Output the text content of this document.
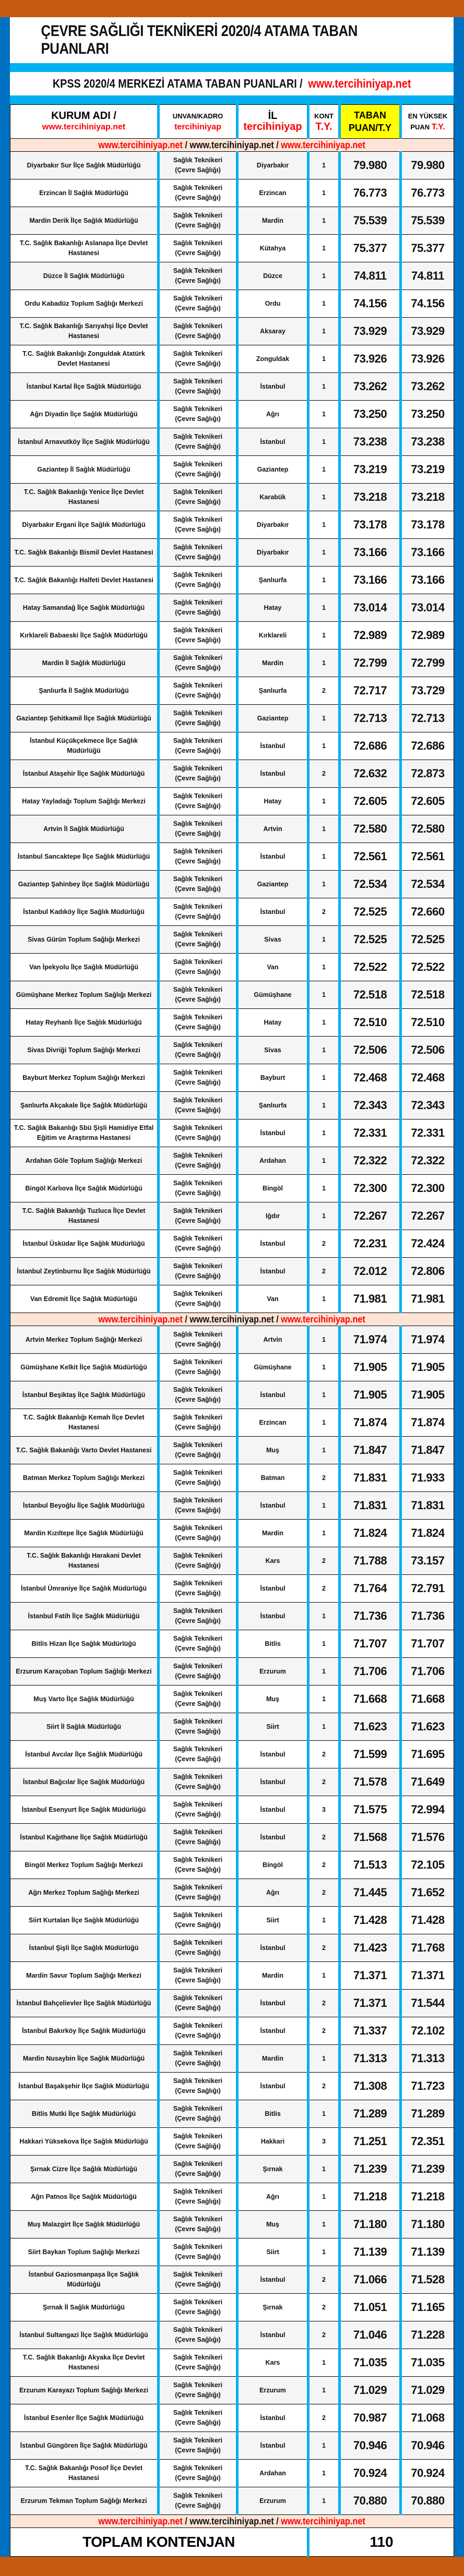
ÇEVRE SAĞLIĞI TEKNİKERİ 2020/4 ATAMA TABAN PUANLARI
KPSS 2020/4 MERKEZİ ATAMA TABAN PUANLARI / www.tercihiniyap.net
KURUM ADI /
www.tercihiniyap.net

UNVAN/KADRO
tercihiniyap

İL
tercihiniyap

KONT
T.Y.

TABAN
PUAN/T.Y

EN YÜKSEK
PUAN T.Y.

www.tercihiniyap.net / www.tercihiniyap.net / www.tercihiniyap.net					
Diyarbakır Sur İlçe Sağlık Müdürlüğü	Sağlık Teknikeri
(Çevre Sağlığı)	Diyarbakır	1	79.980	79.980
Erzincan İl Sağlık Müdürlüğü	Sağlık Teknikeri
(Çevre Sağlığı)	Erzincan	1	76.773	76.773
Mardin Derik İlçe Sağlık Müdürlüğü	Sağlık Teknikeri
(Çevre Sağlığı)	Mardin	1	75.539	75.539
T.C. Sağlık Bakanlığı Aslanapa İlçe Devlet Hastanesi	Sağlık Teknikeri
(Çevre Sağlığı)	Kütahya	1	75.377	75.377
Düzce İl Sağlık Müdürlüğü	Sağlık Teknikeri
(Çevre Sağlığı)	Düzce	1	74.811	74.811
Ordu Kabadüz Toplum Sağlığı Merkezi	Sağlık Teknikeri
(Çevre Sağlığı)	Ordu	1	74.156	74.156
T.C. Sağlık Bakanlığı Sarıyahşi İlçe Devlet Hastanesi	Sağlık Teknikeri
(Çevre Sağlığı)	Aksaray	1	73.929	73.929
T.C. Sağlık Bakanlığı Zonguldak Atatürk Devlet Hastanesi	Sağlık Teknikeri
(Çevre Sağlığı)	Zonguldak	1	73.926	73.926
İstanbul Kartal İlçe Sağlık Müdürlüğü	Sağlık Teknikeri
(Çevre Sağlığı)	İstanbul	1	73.262	73.262
Ağrı Diyadin İlçe Sağlık Müdürlüğü	Sağlık Teknikeri
(Çevre Sağlığı)	Ağrı	1	73.250	73.250
İstanbul Arnavutköy İlçe Sağlık Müdürlüğü	Sağlık Teknikeri
(Çevre Sağlığı)	İstanbul	1	73.238	73.238
Gaziantep İl Sağlık Müdürlüğü	Sağlık Teknikeri
(Çevre Sağlığı)	Gaziantep	1	73.219	73.219
T.C. Sağlık Bakanlığı Yenice İlçe Devlet Hastanesi	Sağlık Teknikeri
(Çevre Sağlığı)	Karabük	1	73.218	73.218
Diyarbakır Ergani İlçe Sağlık Müdürlüğü	Sağlık Teknikeri
(Çevre Sağlığı)	Diyarbakır	1	73.178	73.178
T.C. Sağlık Bakanlığı Bismil Devlet Hastanesi	Sağlık Teknikeri
(Çevre Sağlığı)	Diyarbakır	1	73.166	73.166
T.C. Sağlık Bakanlığı Halfeti Devlet Hastanesi	Sağlık Teknikeri
(Çevre Sağlığı)	Şanlıurfa	1	73.166	73.166
Hatay Samandağ İlçe Sağlık Müdürlüğü	Sağlık Teknikeri
(Çevre Sağlığı)	Hatay	1	73.014	73.014
Kırklareli Babaeski İlçe Sağlık Müdürlüğü	Sağlık Teknikeri
(Çevre Sağlığı)	Kırklareli	1	72.989	72.989
Mardin İl Sağlık Müdürlüğü	Sağlık Teknikeri
(Çevre Sağlığı)	Mardin	1	72.799	72.799
Şanlıurfa İl Sağlık Müdürlüğü	Sağlık Teknikeri
(Çevre Sağlığı)	Şanlıurfa	2	72.717	73.729
Gaziantep Şehitkamil İlçe Sağlık Müdürlüğü	Sağlık Teknikeri
(Çevre Sağlığı)	Gaziantep	1	72.713	72.713
İstanbul Küçükçekmece İlçe Sağlık Müdürlüğü	Sağlık Teknikeri
(Çevre Sağlığı)	İstanbul	1	72.686	72.686
İstanbul Ataşehir İlçe Sağlık Müdürlüğü	Sağlık Teknikeri
(Çevre Sağlığı)	İstanbul	2	72.632	72.873
Hatay Yayladağı Toplum Sağlığı Merkezi	Sağlık Teknikeri
(Çevre Sağlığı)	Hatay	1	72.605	72.605
Artvin İl Sağlık Müdürlüğü	Sağlık Teknikeri
(Çevre Sağlığı)	Artvin	1	72.580	72.580
İstanbul Sancaktepe İlçe Sağlık Müdürlüğü	Sağlık Teknikeri
(Çevre Sağlığı)	İstanbul	1	72.561	72.561
Gaziantep Şahinbey İlçe Sağlık Müdürlüğü	Sağlık Teknikeri
(Çevre Sağlığı)	Gaziantep	1	72.534	72.534
İstanbul Kadıköy İlçe Sağlık Müdürlüğü	Sağlık Teknikeri
(Çevre Sağlığı)	İstanbul	2	72.525	72.660
Sivas Gürün Toplum Sağlığı Merkezi	Sağlık Teknikeri
(Çevre Sağlığı)	Sivas	1	72.525	72.525
Van İpekyolu İlçe Sağlık Müdürlüğü	Sağlık Teknikeri
(Çevre Sağlığı)	Van	1	72.522	72.522
Gümüşhane Merkez Toplum Sağlığı Merkezi	Sağlık Teknikeri
(Çevre Sağlığı)	Gümüşhane	1	72.518	72.518
Hatay Reyhanlı İlçe Sağlık Müdürlüğü	Sağlık Teknikeri
(Çevre Sağlığı)	Hatay	1	72.510	72.510
Sivas Divriği Toplum Sağlığı Merkezi	Sağlık Teknikeri
(Çevre Sağlığı)	Sivas	1	72.506	72.506
Bayburt Merkez Toplum Sağlığı Merkezi	Sağlık Teknikeri
(Çevre Sağlığı)	Bayburt	1	72.468	72.468
Şanlıurfa Akçakale İlçe Sağlık Müdürlüğü	Sağlık Teknikeri
(Çevre Sağlığı)	Şanlıurfa	1	72.343	72.343
T.C. Sağlık Bakanlığı Sbü Şişli Hamidiye Etfal Eğitim ve Araştırma Hastanesi	Sağlık Teknikeri
(Çevre Sağlığı)	İstanbul	1	72.331	72.331
Ardahan Göle Toplum Sağlığı Merkezi	Sağlık Teknikeri
(Çevre Sağlığı)	Ardahan	1	72.322	72.322
Bingöl Karlıova İlçe Sağlık Müdürlüğü	Sağlık Teknikeri
(Çevre Sağlığı)	Bingöl	1	72.300	72.300
T.C. Sağlık Bakanlığı Tuzluca İlçe Devlet Hastanesi	Sağlık Teknikeri
(Çevre Sağlığı)	Iğdır	1	72.267	72.267
İstanbul Üsküdar İlçe Sağlık Müdürlüğü	Sağlık Teknikeri
(Çevre Sağlığı)	İstanbul	2	72.231	72.424
İstanbul Zeytinburnu İlçe Sağlık Müdürlüğü	Sağlık Teknikeri
(Çevre Sağlığı)	İstanbul	2	72.012	72.806
Van Edremit İlçe Sağlık Müdürlüğü	Sağlık Teknikeri
(Çevre Sağlığı)	Van	1	71.981	71.981
www.tercihiniyap.net / www.tercihiniyap.net / www.tercihiniyap.net					
Artvin Merkez Toplum Sağlığı Merkezi	Sağlık Teknikeri
(Çevre Sağlığı)	Artvin	1	71.974	71.974
Gümüşhane Kelkit İlçe Sağlık Müdürlüğü	Sağlık Teknikeri
(Çevre Sağlığı)	Gümüşhane	1	71.905	71.905
İstanbul Beşiktaş İlçe Sağlık Müdürlüğü	Sağlık Teknikeri
(Çevre Sağlığı)	İstanbul	1	71.905	71.905
T.C. Sağlık Bakanlığı Kemah İlçe Devlet Hastanesi	Sağlık Teknikeri
(Çevre Sağlığı)	Erzincan	1	71.874	71.874
T.C. Sağlık Bakanlığı Varto Devlet Hastanesi	Sağlık Teknikeri
(Çevre Sağlığı)	Muş	1	71.847	71.847
Batman Merkez Toplum Sağlığı Merkezi	Sağlık Teknikeri
(Çevre Sağlığı)	Batman	2	71.831	71.933
İstanbul Beyoğlu İlçe Sağlık Müdürlüğü	Sağlık Teknikeri
(Çevre Sağlığı)	İstanbul	1	71.831	71.831
Mardin Kızıltepe İlçe Sağlık Müdürlüğü	Sağlık Teknikeri
(Çevre Sağlığı)	Mardin	1	71.824	71.824
T.C. Sağlık Bakanlığı Harakani Devlet Hastanesi	Sağlık Teknikeri
(Çevre Sağlığı)	Kars	2	71.788	73.157
İstanbul Ümraniye İlçe Sağlık Müdürlüğü	Sağlık Teknikeri
(Çevre Sağlığı)	İstanbul	2	71.764	72.791
İstanbul Fatih İlçe Sağlık Müdürlüğü	Sağlık Teknikeri
(Çevre Sağlığı)	İstanbul	1	71.736	71.736
Bitlis Hizan İlçe Sağlık Müdürlüğü	Sağlık Teknikeri
(Çevre Sağlığı)	Bitlis	1	71.707	71.707
Erzurum Karaçoban Toplum Sağlığı Merkezi	Sağlık Teknikeri
(Çevre Sağlığı)	Erzurum	1	71.706	71.706
Muş Varto İlçe Sağlık Müdürlüğü	Sağlık Teknikeri
(Çevre Sağlığı)	Muş	1	71.668	71.668
Siirt İl Sağlık Müdürlüğü	Sağlık Teknikeri
(Çevre Sağlığı)	Siirt	1	71.623	71.623
İstanbul Avcılar İlçe Sağlık Müdürlüğü	Sağlık Teknikeri
(Çevre Sağlığı)	İstanbul	2	71.599	71.695
İstanbul Bağcılar İlçe Sağlık Müdürlüğü	Sağlık Teknikeri
(Çevre Sağlığı)	İstanbul	2	71.578	71.649
İstanbul Esenyurt İlçe Sağlık Müdürlüğü	Sağlık Teknikeri
(Çevre Sağlığı)	İstanbul	3	71.575	72.994
İstanbul Kağıthane İlçe Sağlık Müdürlüğü	Sağlık Teknikeri
(Çevre Sağlığı)	İstanbul	2	71.568	71.576
Bingöl Merkez Toplum Sağlığı Merkezi	Sağlık Teknikeri
(Çevre Sağlığı)	Bingöl	2	71.513	72.105
Ağrı Merkez Toplum Sağlığı Merkezi	Sağlık Teknikeri
(Çevre Sağlığı)	Ağrı	2	71.445	71.652
Siirt Kurtalan İlçe Sağlık Müdürlüğü	Sağlık Teknikeri
(Çevre Sağlığı)	Siirt	1	71.428	71.428
İstanbul Şişli İlçe Sağlık Müdürlüğü	Sağlık Teknikeri
(Çevre Sağlığı)	İstanbul	2	71.423	71.768
Mardin Savur Toplum Sağlığı Merkezi	Sağlık Teknikeri
(Çevre Sağlığı)	Mardin	1	71.371	71.371
İstanbul Bahçelievler İlçe Sağlık Müdürlüğü	Sağlık Teknikeri
(Çevre Sağlığı)	İstanbul	2	71.371	71.544
İstanbul Bakırköy İlçe Sağlık Müdürlüğü	Sağlık Teknikeri
(Çevre Sağlığı)	İstanbul	2	71.337	72.102
Mardin Nusaybin İlçe Sağlık Müdürlüğü	Sağlık Teknikeri
(Çevre Sağlığı)	Mardin	1	71.313	71.313
İstanbul Başakşehir İlçe Sağlık Müdürlüğü	Sağlık Teknikeri
(Çevre Sağlığı)	İstanbul	2	71.308	71.723
Bitlis Mutki İlçe Sağlık Müdürlüğü	Sağlık Teknikeri
(Çevre Sağlığı)	Bitlis	1	71.289	71.289
Hakkari Yüksekova İlçe Sağlık Müdürlüğü	Sağlık Teknikeri
(Çevre Sağlığı)	Hakkari	3	71.251	72.351
Şırnak Cizre İlçe Sağlık Müdürlüğü	Sağlık Teknikeri
(Çevre Sağlığı)	Şırnak	1	71.239	71.239
Ağrı Patnos İlçe Sağlık Müdürlüğü	Sağlık Teknikeri
(Çevre Sağlığı)	Ağrı	1	71.218	71.218
Muş Malazgirt İlçe Sağlık Müdürlüğü	Sağlık Teknikeri
(Çevre Sağlığı)	Muş	1	71.180	71.180
Siirt Baykan Toplum Sağlığı Merkezi	Sağlık Teknikeri
(Çevre Sağlığı)	Siirt	1	71.139	71.139
İstanbul Gaziosmanpaşa İlçe Sağlık Müdürlüğü	Sağlık Teknikeri
(Çevre Sağlığı)	İstanbul	2	71.066	71.528
Şırnak İl Sağlık Müdürlüğü	Sağlık Teknikeri
(Çevre Sağlığı)	Şırnak	2	71.051	71.165
İstanbul Sultangazi İlçe Sağlık Müdürlüğü	Sağlık Teknikeri
(Çevre Sağlığı)	İstanbul	2	71.046	71.228
T.C. Sağlık Bakanlığı Akyaka İlçe Devlet Hastanesi	Sağlık Teknikeri
(Çevre Sağlığı)	Kars	1	71.035	71.035
Erzurum Karayazı Toplum Sağlığı Merkezi	Sağlık Teknikeri
(Çevre Sağlığı)	Erzurum	1	71.029	71.029
İstanbul Esenler İlçe Sağlık Müdürlüğü	Sağlık Teknikeri
(Çevre Sağlığı)	İstanbul	2	70.987	71.068
İstanbul Güngören İlçe Sağlık Müdürlüğü	Sağlık Teknikeri
(Çevre Sağlığı)	İstanbul	1	70.946	70.946
T.C. Sağlık Bakanlığı Posof İlçe Devlet Hastanesi	Sağlık Teknikeri
(Çevre Sağlığı)	Ardahan	1	70.924	70.924
Erzurum Tekman Toplum Sağlığı Merkezi	Sağlık Teknikeri
(Çevre Sağlığı)	Erzurum	1	70.880	70.880
www.tercihiniyap.net / www.tercihiniyap.net / www.tercihiniyap.net					
TOPLAM KONTENJAN			110		
